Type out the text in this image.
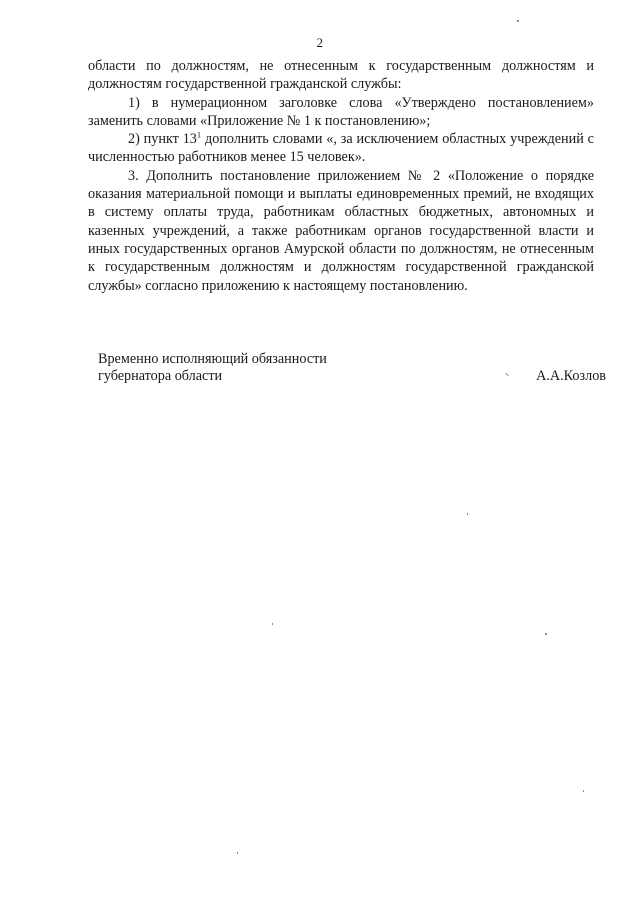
2

области по должностям, не отнесенным к государственным должностям и должностям государственной гражданской службы:

1) в нумерационном заголовке слова «Утверждено постановлением» заменить словами «Приложение № 1 к постановлению»;

2) пункт $13^1$ дополнить словами «, за исключением областных учреждений с численностью работников менее 15 человек».

3. Дополнить постановление приложением № 2 «Положение о порядке оказания материальной помощи и выплаты единовременных премий, не входящих в систему оплаты труда, работникам областных бюджетных, автономных и казенных учреждений, а также работникам органов государственной власти и иных государственных органов Амурской области по должностям, не отнесенным к государственным должностям и должностям государственной гражданской службы» согласно приложению к настоящему постановлению.

Временно исполняющий обязанности
губернатора области	А.А.Козлов
